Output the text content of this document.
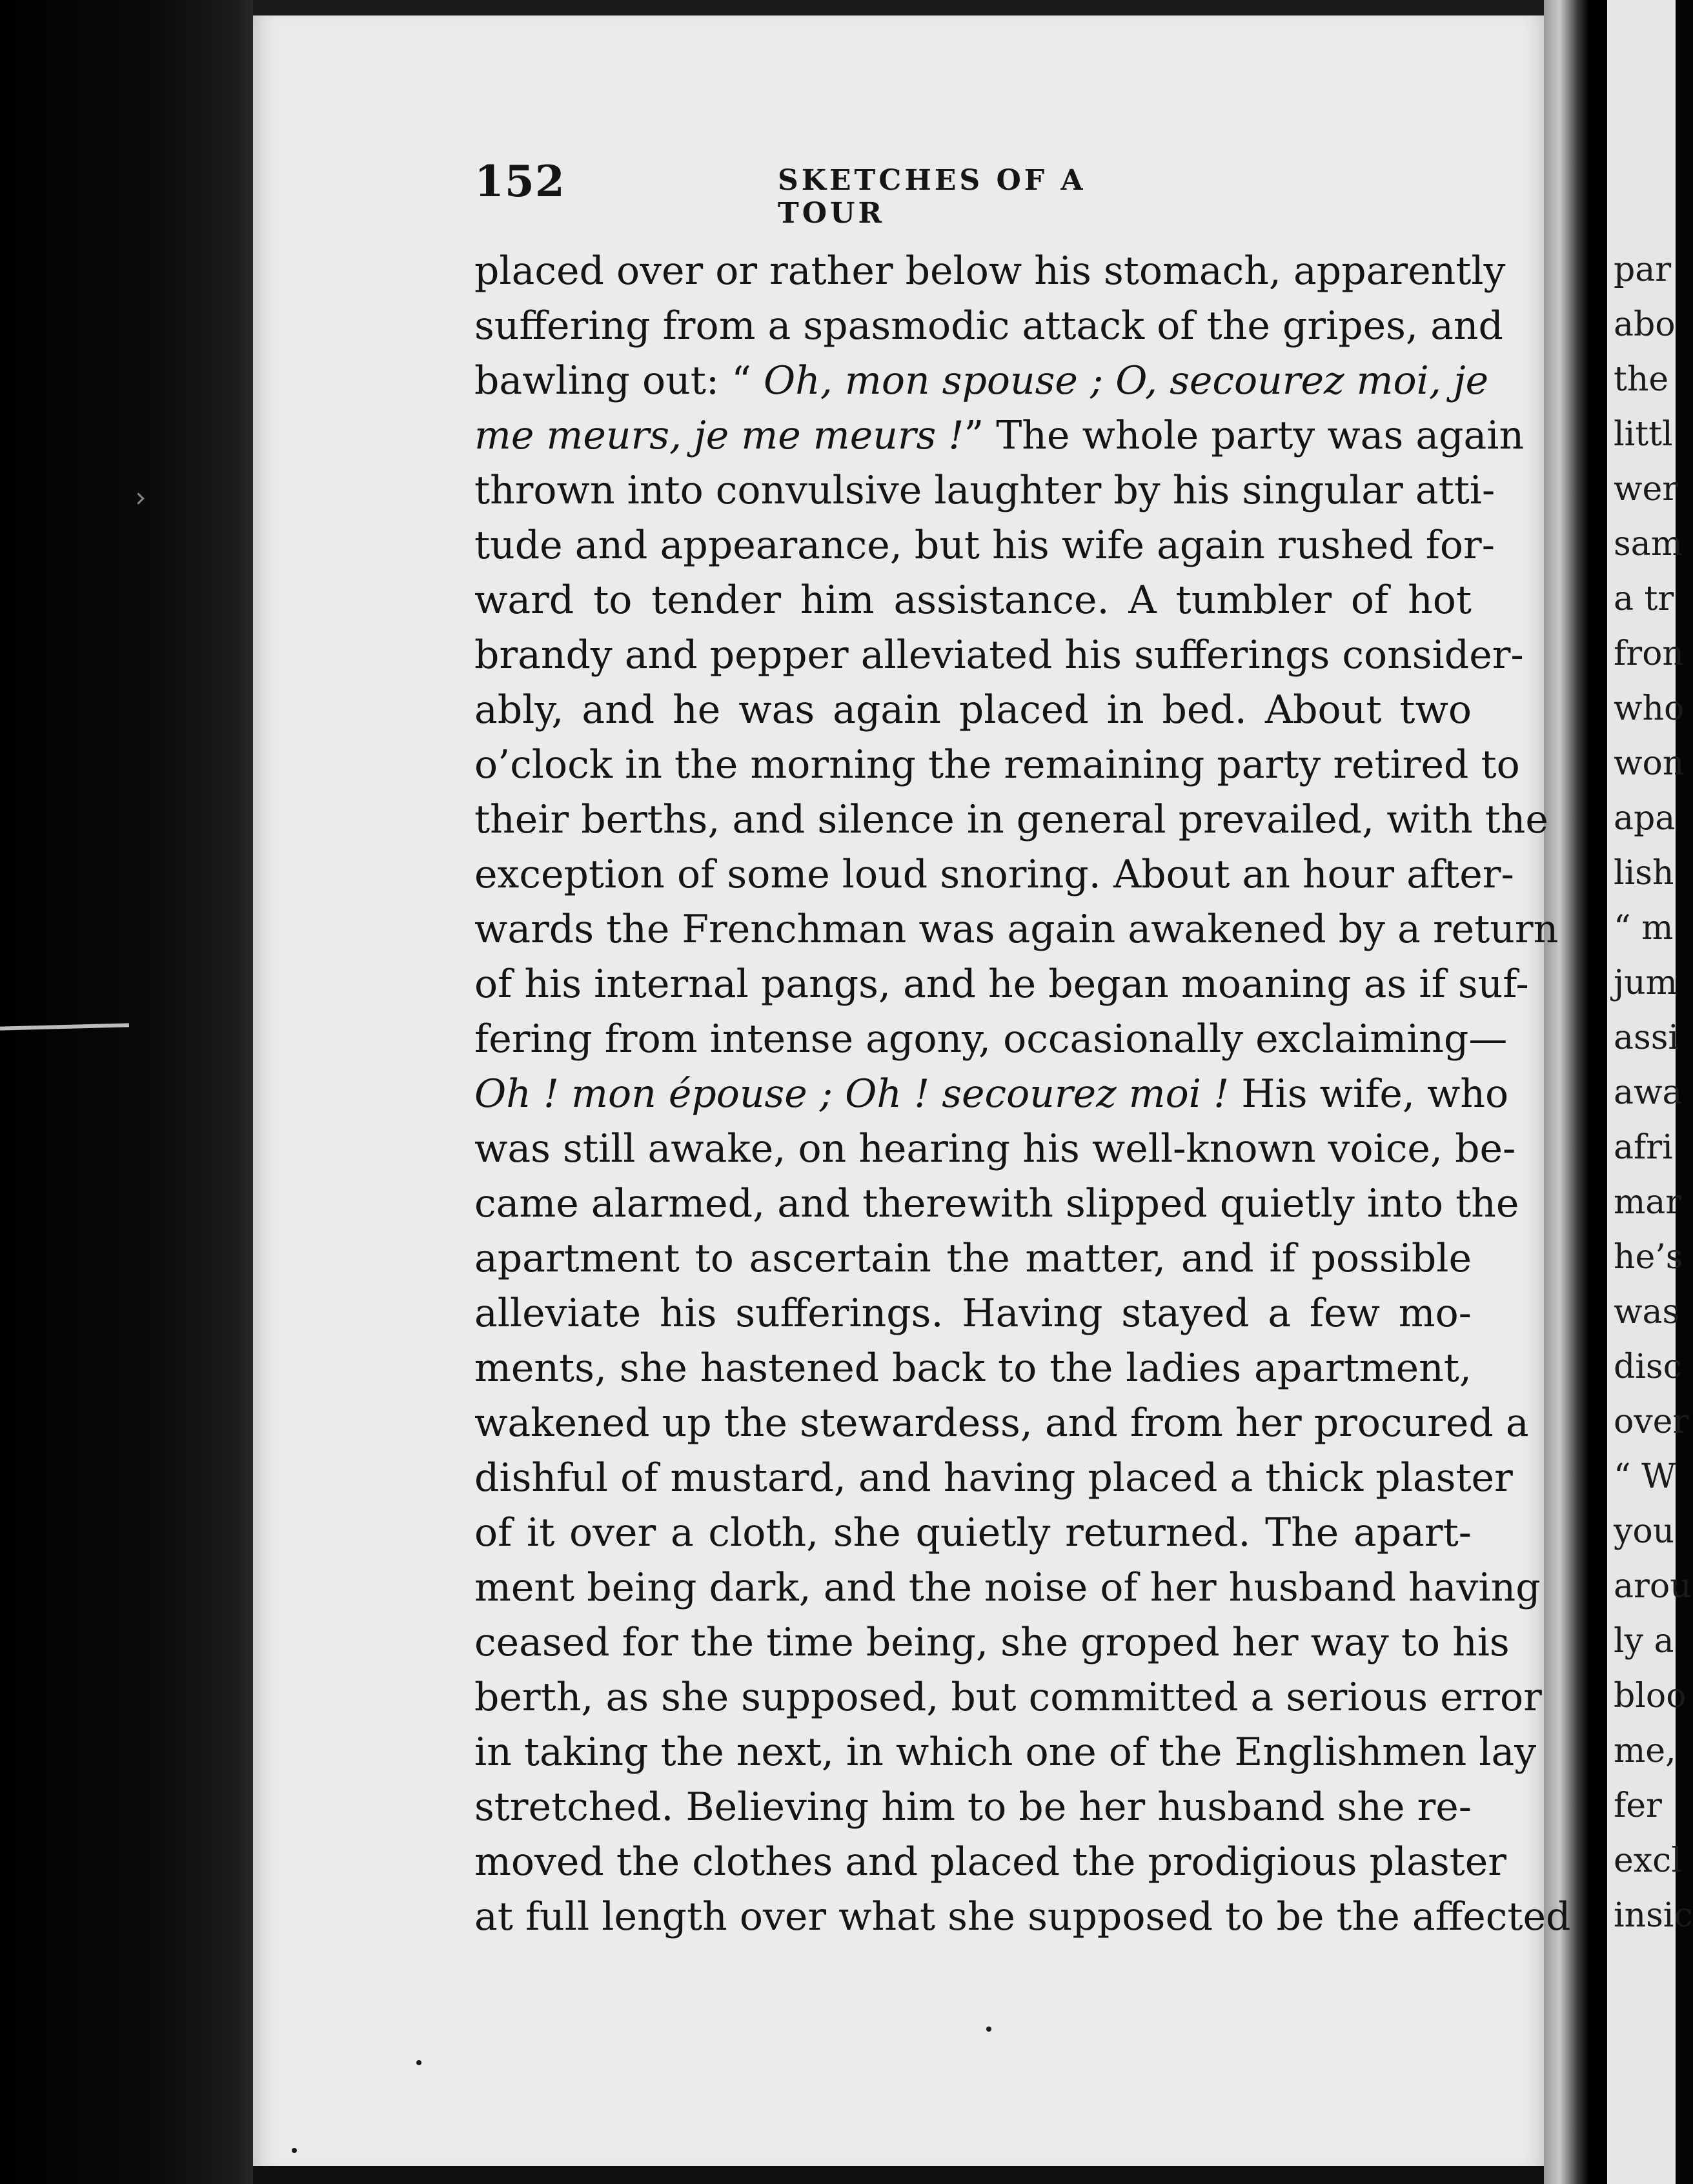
par
abo
the
littl
wer
sam
a tr
fron
who
won
apa
lish
“ m
jum
assi
awa
afri
mar
he’s
was
disc
over
“ W
you
arou
ly a
bloo
me,
fer
excl
insic
152	SKETCHES OF A TOUR
placed over or rather below his stomach, apparently
suffering from a spasmodic attack of the gripes, and
bawling out: “ Oh, mon spouse ; O, secourez moi, je
me meurs, je me meurs !” The whole party was again
thrown into convulsive laughter by his singular atti-
tude and appearance, but his wife again rushed for-
ward to tender him assistance. A tumbler of hot
brandy and pepper alleviated his sufferings consider-
ably, and he was again placed in bed. About two
o’clock in the morning the remaining party retired to
their berths, and silence in general prevailed, with the
exception of some loud snoring. About an hour after-
wards the Frenchman was again awakened by a return
of his internal pangs, and he began moaning as if suf-
fering from intense agony, occasionally exclaiming—
Oh ! mon épouse ; Oh ! secourez moi ! His wife, who
was still awake, on hearing his well-known voice, be-
came alarmed, and therewith slipped quietly into the
apartment to ascertain the matter, and if possible
alleviate his sufferings. Having stayed a few mo-
ments, she hastened back to the ladies apartment,
wakened up the stewardess, and from her procured a
dishful of mustard, and having placed a thick plaster
of it over a cloth, she quietly returned. The apart-
ment being dark, and the noise of her husband having
ceased for the time being, she groped her way to his
berth, as she supposed, but committed a serious error
in taking the next, in which one of the Englishmen lay
stretched. Believing him to be her husband she re-
moved the clothes and placed the prodigious plaster
at full length over what she supposed to be the affected
